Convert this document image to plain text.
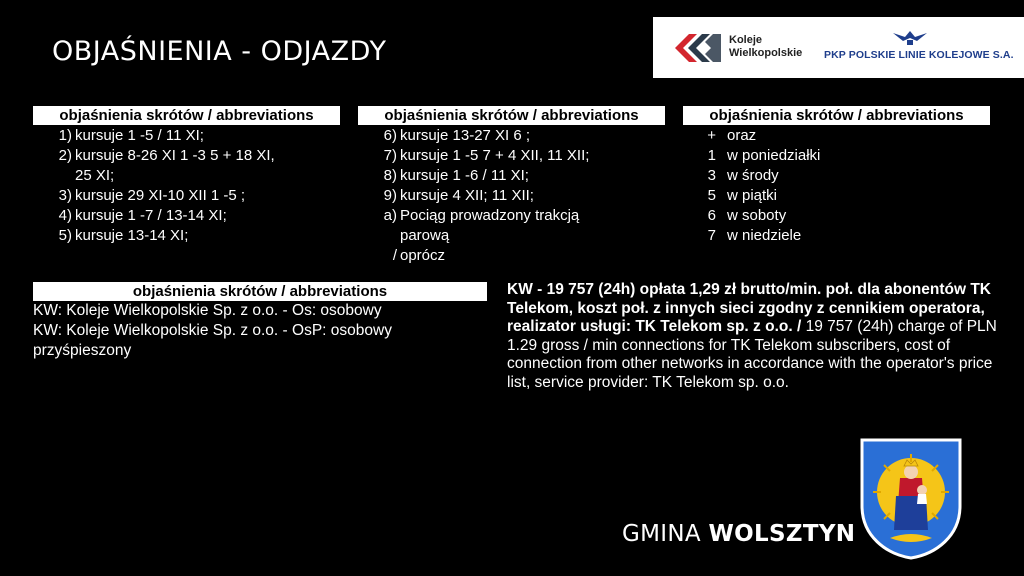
OBJAŚNIENIA - ODJAZDY	Koleje
Wielkopolskie PKP POLSKIE LINIE KOLEJOWE S.A.
objaśnienia skrótów / abbreviations
1) kursuje 1 -5 / 11 XI;
2) kursuje 8-26 XI 1 -3 5 + 18 XI,
25 XI;
3) kursuje 29 XI-10 XII 1 -5 ;
4) kursuje 1 -7 / 13-14 XI;
5) kursuje 13-14 XI;
objaśnienia skrótów / abbreviations
6) kursuje 13-27 XI 6 ;
7) kursuje 1 -5 7 + 4 XII, 11 XII;
8) kursuje 1 -6 / 11 XI;
9) kursuje 4 XII; 11 XII;
a) Pociąg prowadzony trakcją
parową
/ oprócz
objaśnienia skrótów / abbreviations
+ oraz
1 w poniedziałki
3 w środy
5 w piątki
6 w soboty
7 w niedziele
objaśnienia skrótów / abbreviations
KW: Koleje Wielkopolskie Sp. z o.o. - Os: osobowy
KW: Koleje Wielkopolskie Sp. z o.o. - OsP: osobowy
przyśpieszony
KW - 19 757 (24h) opłata 1,29 zł brutto/min. poł. dla abonentów TK Telekom, koszt poł. z innych sieci zgodny z cennikiem operatora, realizator usługi: TK Telekom sp. z o.o. / 19 757 (24h) charge of PLN 1.29 gross / min connections for TK Telekom subscribers, cost of connection from other networks in accordance with the operator's price list, service provider: TK Telekom sp. o.o.
GMINA WOLSZTYN
